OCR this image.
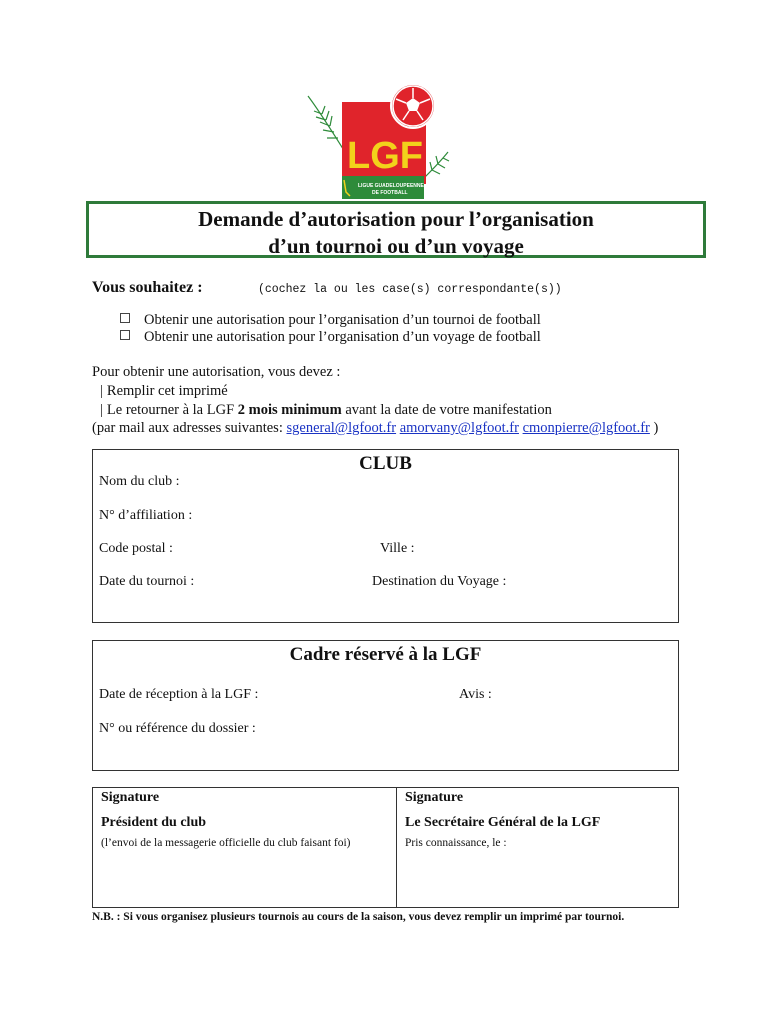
LGF
LIGUE GUADELOUPEENNE
DE FOOTBALL
Demande d’autorisation pour l’organisation
d’un tournoi ou d’un voyage
Vous souhaitez :	(cochez la ou les case(s) correspondante(s))
Obtenir une autorisation pour l’organisation d’un tournoi de football
Obtenir une autorisation pour l’organisation d’un voyage de football
Pour obtenir une autorisation, vous devez :
| Remplir cet imprimé
| Le retourner à la LGF 2 mois minimum avant la date de votre manifestation
(par mail aux adresses suivantes: sgeneral@lgfoot.fr amorvany@lgfoot.fr cmonpierre@lgfoot.fr )
CLUB
Nom du club :
N° d’affiliation :
Code postal :	Ville :
Date du tournoi :	Destination du Voyage :
Cadre réservé à la LGF
Date de réception à la LGF :	Avis :
N° ou référence du dossier :
Signature
Président du club
(l’envoi de la messagerie officielle du club faisant foi)

Signature
Le Secrétaire Général de la LGF
Pris connaissance, le :
N.B. : Si vous organisez plusieurs tournois au cours de la saison, vous devez remplir un imprimé par tournoi.
